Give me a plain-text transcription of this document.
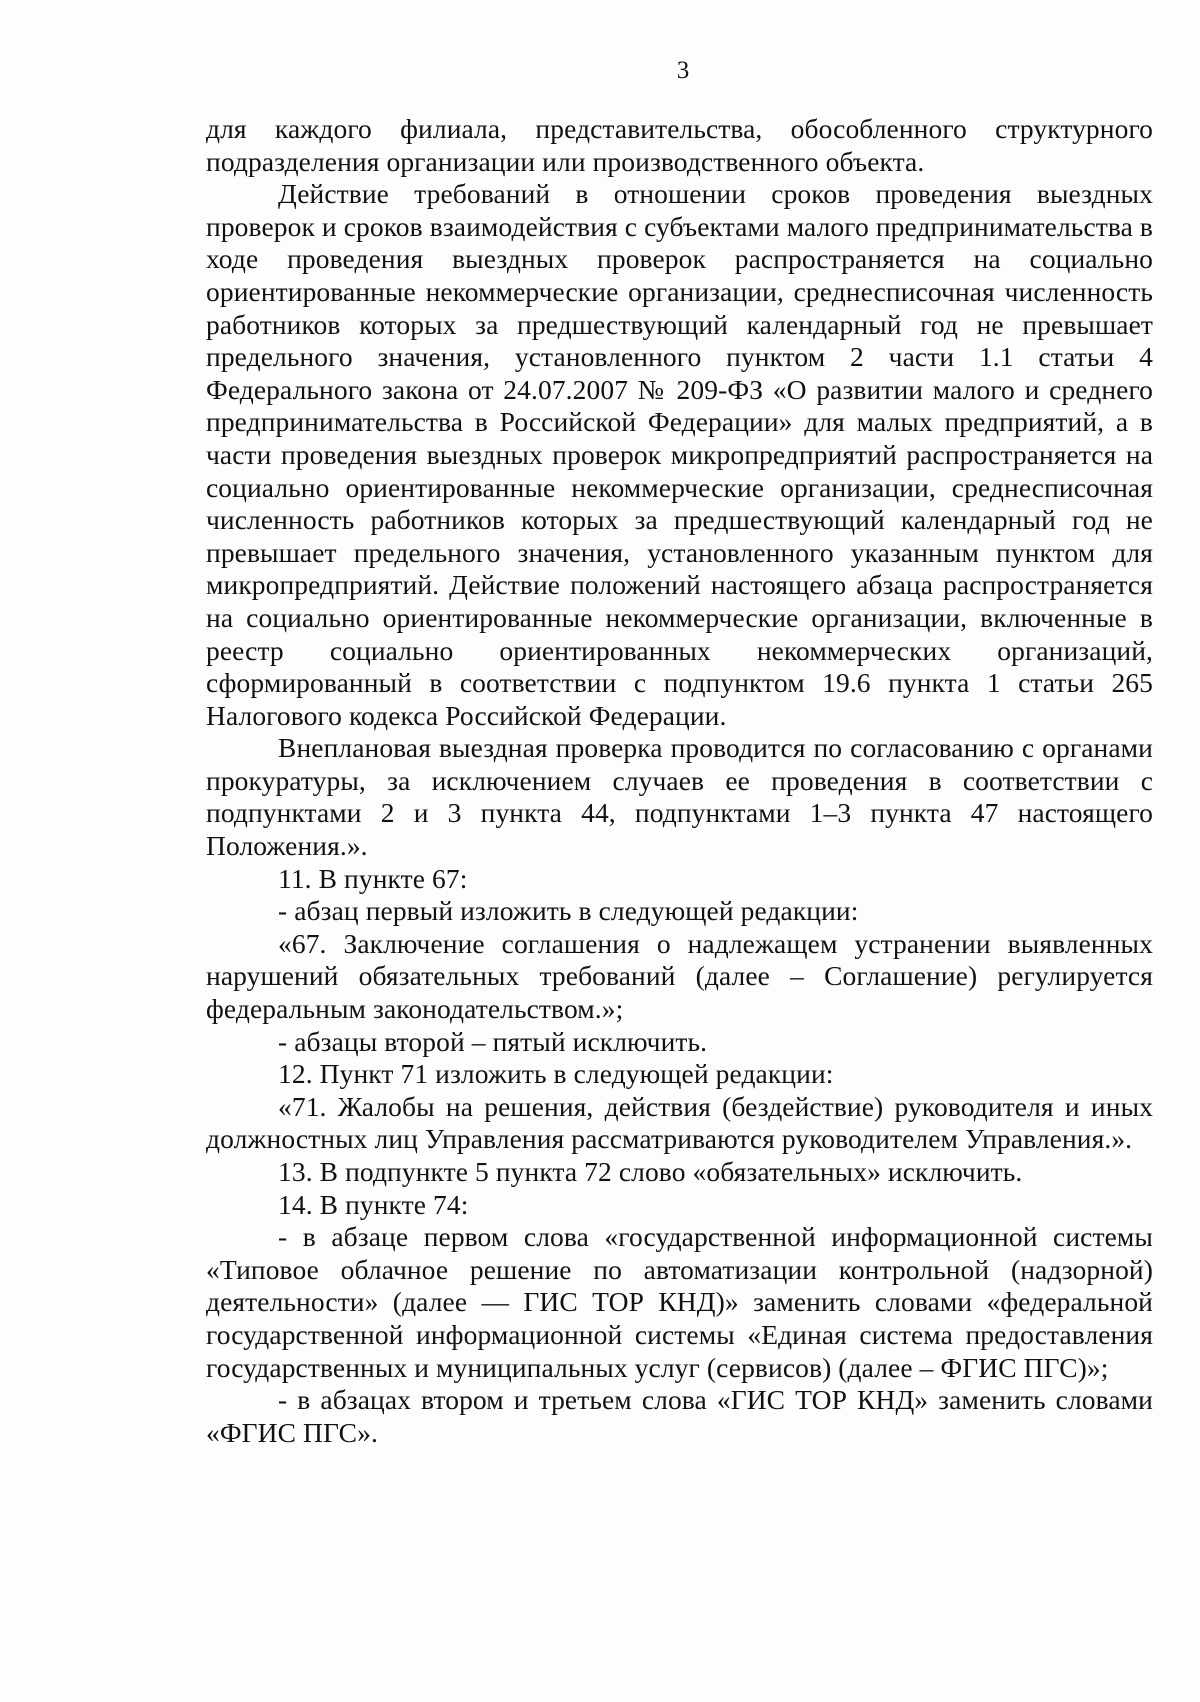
3

для каждого филиала, представительства, обособленного структурного подразделения организации или производственного объекта.

Действие требований в отношении сроков проведения выездных проверок и сроков взаимодействия с субъектами малого предпринимательства в ходе проведения выездных проверок распространяется на социально ориентированные некоммерческие организации, среднесписочная численность работников которых за предшествующий календарный год не превышает предельного значения, установленного пунктом 2 части 1.1 статьи 4 Федерального закона от 24.07.2007 № 209-ФЗ «О развитии малого и среднего предпринимательства в Российской Федерации» для малых предприятий, а в части проведения выездных проверок микропредприятий распространяется на социально ориентированные некоммерческие организации, среднесписочная численность работников которых за предшествующий календарный год не превышает предельного значения, установленного указанным пунктом для микропредприятий. Действие положений настоящего абзаца распространяется на социально ориентированные некоммерческие организации, включенные в реестр социально ориентированных некоммерческих организаций, сформированный в соответствии с подпунктом 19.6 пункта 1 статьи 265 Налогового кодекса Российской Федерации.

Внеплановая выездная проверка проводится по согласованию с органами прокуратуры, за исключением случаев ее проведения в соответствии с подпунктами 2 и 3 пункта 44, подпунктами 1–3 пункта 47 настоящего Положения.».

11. В пункте 67:

- абзац первый изложить в следующей редакции:

«67. Заключение соглашения о надлежащем устранении выявленных нарушений обязательных требований (далее – Соглашение) регулируется федеральным законодательством.»;

- абзацы второй – пятый исключить.

12. Пункт 71 изложить в следующей редакции:

«71. Жалобы на решения, действия (бездействие) руководителя и иных должностных лиц Управления рассматриваются руководителем Управления.».

13. В подпункте 5 пункта 72 слово «обязательных» исключить.

14. В пункте 74:

- в абзаце первом слова «государственной информационной системы «Типовое облачное решение по автоматизации контрольной (надзорной) деятельности» (далее — ГИС ТОР КНД)» заменить словами «федеральной государственной информационной системы «Единая система предоставления государственных и муниципальных услуг (сервисов) (далее – ФГИС ПГС)»;

- в абзацах втором и третьем слова «ГИС ТОР КНД» заменить словами «ФГИС ПГС».
